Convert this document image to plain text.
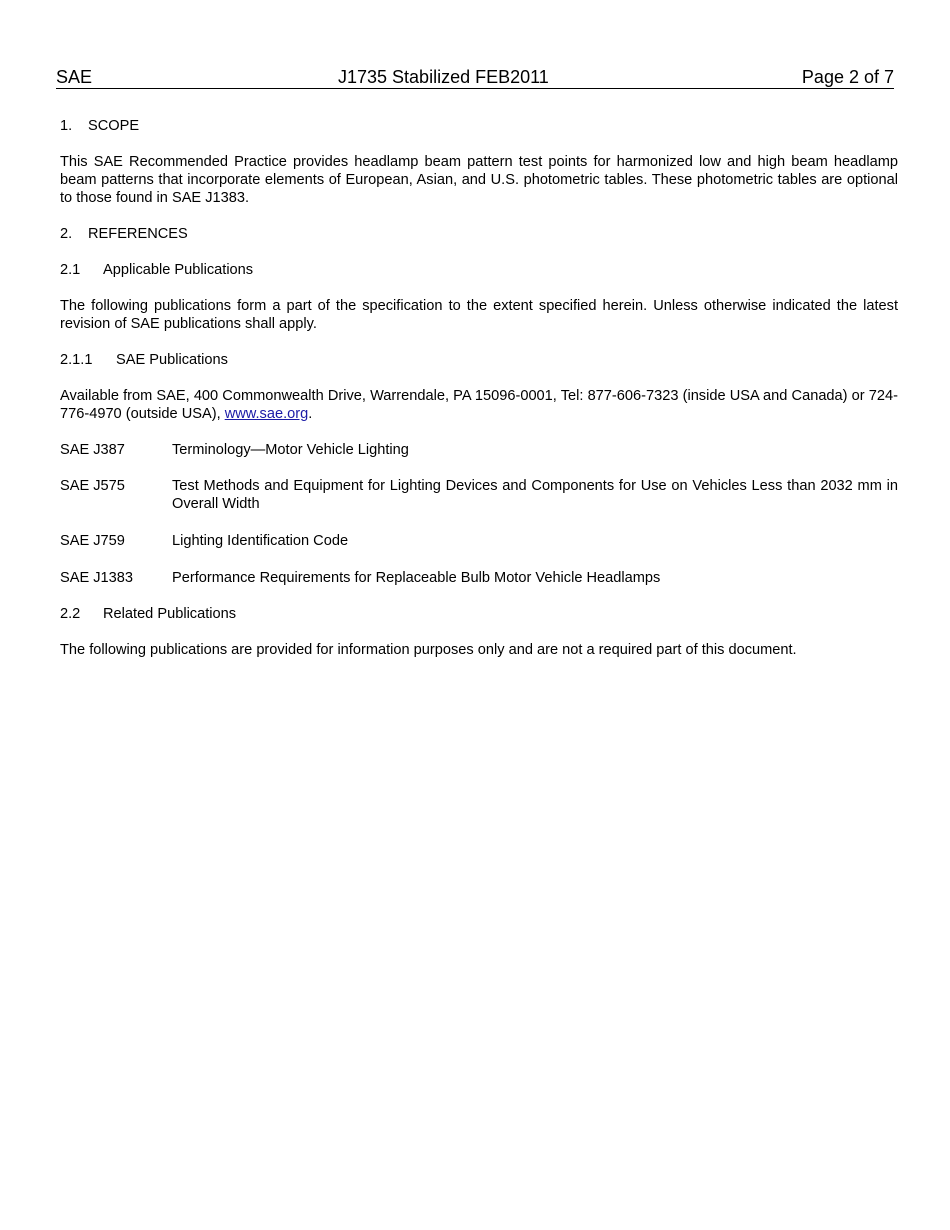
SAE	J1735 Stabilized FEB2011	Page 2 of 7
1. SCOPE

This SAE Recommended Practice provides headlamp beam pattern test points for harmonized low and high beam headlamp beam patterns that incorporate elements of European, Asian, and U.S. photometric tables. These photometric tables are optional to those found in SAE J1383.

2. REFERENCES
2.1 Applicable Publications

The following publications form a part of the specification to the extent specified herein. Unless otherwise indicated the latest revision of SAE publications shall apply.

2.1.1 SAE Publications

Available from SAE, 400 Commonwealth Drive, Warrendale, PA 15096-0001, Tel: 877-606-7323 (inside USA and Canada) or 724-776-4970 (outside USA), www.sae.org.

SAE J387	Terminology—Motor Vehicle Lighting
SAE J575	Test Methods and Equipment for Lighting Devices and Components for Use on Vehicles Less than 2032 mm in Overall Width
SAE J759	Lighting Identification Code
SAE J1383	Performance Requirements for Replaceable Bulb Motor Vehicle Headlamps
2.2 Related Publications

The following publications are provided for information purposes only and are not a required part of this document.
